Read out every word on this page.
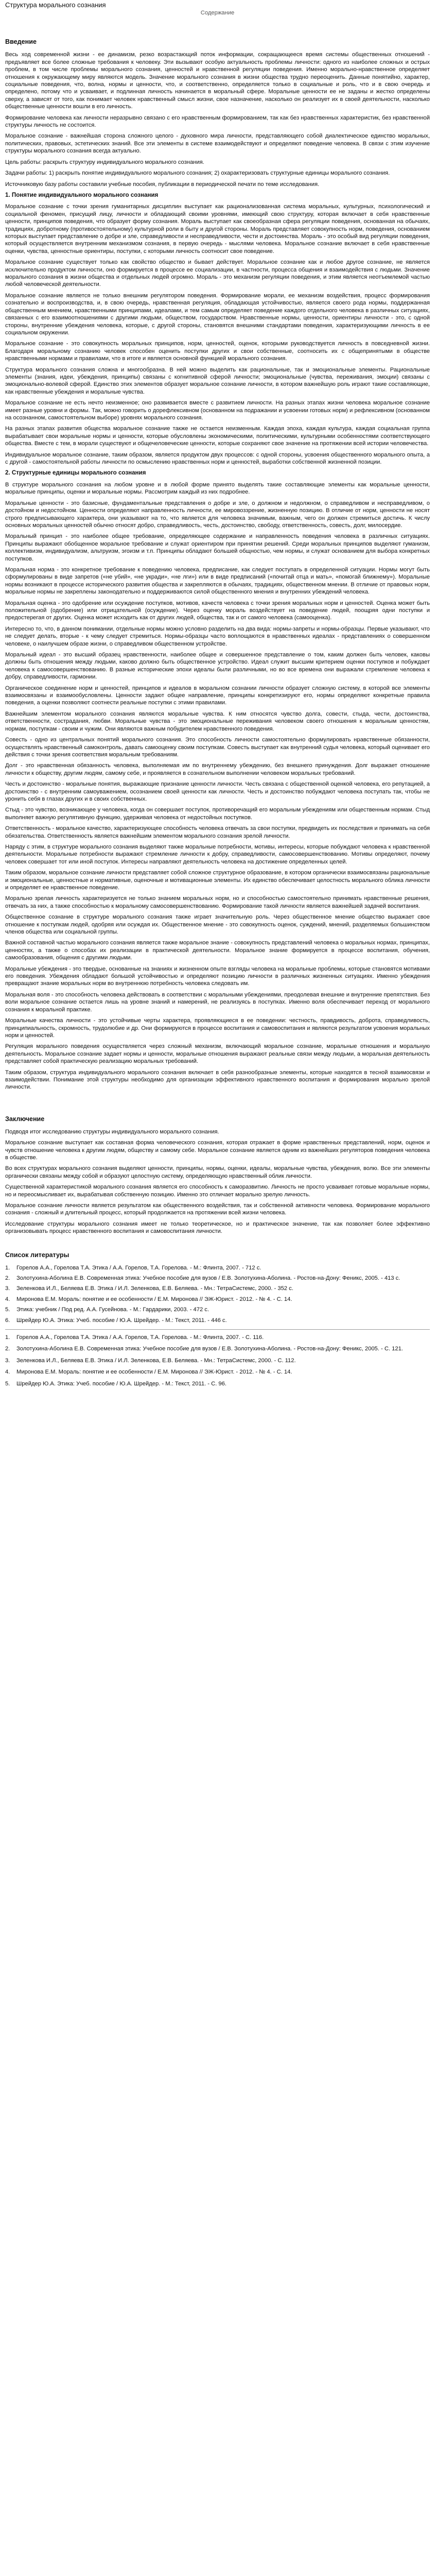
Структура морального сознания
Содержание
Введение

Весь ход современной жизни - ее динамизм, резко возрастающий поток информации, сокращающееся время системы общественных отношений - предъявляет все более сложные требования к человеку. Эти вызывают особую актуальность проблемы личности: одного из наиболее сложных и острых проблем, в том числе проблемы морального сознания, ценностей и нравственной регуляции поведения. Именно морально-нравственное определяет отношения к окружающему миру являются модель. Значение морального сознания в жизни общества трудно переоценить. Данные понятийно, характер, социальные поведения, что, волна, нормы и ценности, что, и соответственно, определяется только в социальные и роль, что и в свою очередь и определено, потому что и усваивает, и подлинная личность начинается в моральный сфере. Моральные ценности ее не заданы и жестко определены сверху, а зависят от того, как понимает человек нравственный смысл жизни, свое назначение, насколько он реализует их в своей деятельности, насколько общественные ценности вошли в его личность.

Формирование человека как личности неразрывно связано с его нравственным формированием, так как без нравственных характеристик, без нравственной структуры личность не состоится.

Моральное сознание - важнейшая сторона сложного целого - духовного мира личности, представляющего собой диалектическое единство моральных, политических, правовых, эстетических знаний. Все эти элементы в системе взаимодействуют и определяют поведение человека. В связи с этим изучение структуры морального сознания всегда актуально.

Цель работы: раскрыть структуру индивидуального морального сознания.

Задачи работы: 1) раскрыть понятие индивидуального морального сознания; 2) охарактеризовать структурные единицы морального сознания.

Источниковую базу работы составили учебные пособия, публикации в периодической печати по теме исследования.

1. Понятие индивидуального морального сознания

Моральное сознание с точки зрения гуманитарных дисциплин выступает как рационализованная система моральных, культурных, психологический и социальной феномен, присущий лицу, личности и обладающий своими уровнями, имеющий свою структуру, которая включает в себя нравственные ценности, принципов поведения, что образует форму сознания. Мораль выступает как своеобразная сфера регуляции поведения, основанная на обычаях, традициях, добротному (противостоятельному) культурной роли в быту и другой стороны. Мораль представляет совокупность норм, поведения, основанием которых выступает представление о добре и зле, справедливости и несправедливости, чести и достоинства. Мораль - это особый вид регуляции поведения, который осуществляется внутренним механизмом сознания, в первую очередь - мыслями человека. Моральное сознание включает в себя нравственные оценки, чувства, ценностные ориентиры, поступки, с которыми личность соотносит свое поведение.

Моральное сознание существует только как свойство общество и бывает действует. Моральное сознание как и любое другое сознание, не является исключительно продуктом личности, оно формируется в процессе ее социализации, в частности, процесса общения и взаимодействия с людьми. Значение морального сознания в жизни общества и отдельных людей огромно. Мораль - это механизм регуляции поведения, и этим является неотъемлемой частью любой человеческой деятельности.

Моральное сознание является не только внешним регулятором поведения. Формирование морали, ее механизм воздействия, процесс формирования сознательно и воспроизводства, и, в свою очередь, нравственная регуляция, обладающая устойчивостью, является своего рода нормы, поддержанная общественным мнением, нравственными принципами, идеалами, и тем самым определяет поведение каждого отдельного человека в различных ситуациях, связанных с его взаимоотношениями с другими людьми, обществом, государством. Нравственные нормы, ценности, ориентиры личности - это, с одной стороны, внутренние убеждения человека, которые, с другой стороны, становятся внешними стандартами поведения, характеризующими личность в ее социальном окружении.

Моральное сознание - это совокупность моральных принципов, норм, ценностей, оценок, которыми руководствуется личность в повседневной жизни. Благодаря моральному сознанию человек способен оценить поступки других и свои собственные, соотносить их с общепринятыми в обществе нравственными нормами и правилами, что в итоге и является основной функцией морального сознания.

Структура морального сознания сложна и многообразна. В ней можно выделить как рациональные, так и эмоциональные элементы. Рациональные элементы (знания, идеи, убеждения, принципы) связаны с когнитивной сферой личности; эмоциональные (чувства, переживания, эмоции) связаны с эмоционально-волевой сферой. Единство этих элементов образует моральное сознание личности, в котором важнейшую роль играют такие составляющие, как нравственные убеждения и моральные чувства.

Моральное сознание не есть нечто неизменное; оно развивается вместе с развитием личности. На разных этапах жизни человека моральное сознание имеет разные уровни и формы. Так, можно говорить о дорефлексивном (основанном на подражании и усвоении готовых норм) и рефлексивном (основанном на осознанном, самостоятельном выборе) уровнях морального сознания.

На разных этапах развития общества моральное сознание также не остается неизменным. Каждая эпоха, каждая культура, каждая социальная группа вырабатывает свои моральные нормы и ценности, которые обусловлены экономическими, политическими, культурными особенностями соответствующего общества. Вместе с тем, в морали существуют и общечеловеческие ценности, которые сохраняют свое значение на протяжении всей истории человечества.

Индивидуальное моральное сознание, таким образом, является продуктом двух процессов: с одной стороны, усвоения общественного морального опыта, а с другой - самостоятельной работы личности по осмыслению нравственных норм и ценностей, выработки собственной жизненной позиции.

2. Структурные единицы морального сознания

В структуре морального сознания на любом уровне и в любой форме принято выделять такие составляющие элементы как моральные ценности, моральные принципы, оценки и моральные нормы. Рассмотрим каждый из них подробнее.

Моральные ценности - это базисные, фундаментальные представления о добре и зле, о должном и недолжном, о справедливом и несправедливом, о достойном и недостойном. Ценности определяют направленность личности, ее мировоззрение, жизненную позицию. В отличие от норм, ценности не носят строго предписывающего характера, они указывают на то, что является для человека значимым, важным, чего он должен стремиться достичь. К числу основных моральных ценностей обычно относят добро, справедливость, честь, достоинство, свободу, ответственность, совесть, долг, милосердие.

Моральный принцип - это наиболее общее требование, определяющее содержание и направленность поведения человека в различных ситуациях. Принципы выражают обобщенное моральное требование и служат ориентиром при принятии решений. Среди моральных принципов выделяют гуманизм, коллективизм, индивидуализм, альтруизм, эгоизм и т.п. Принципы обладают большей общностью, чем нормы, и служат основанием для выбора конкретных поступков.

Моральная норма - это конкретное требование к поведению человека, предписание, как следует поступать в определенной ситуации. Нормы могут быть сформулированы в виде запретов («не убий», «не укради», «не лги») или в виде предписаний («почитай отца и мать», «помогай ближнему»). Моральные нормы возникают в процессе исторического развития общества и закрепляются в обычаях, традициях, общественном мнении. В отличие от правовых норм, моральные нормы не закреплены законодательно и поддерживаются силой общественного мнения и внутренних убеждений человека.

Моральная оценка - это одобрение или осуждение поступков, мотивов, качеств человека с точки зрения моральных норм и ценностей. Оценка может быть положительной (одобрение) или отрицательной (осуждение). Через оценку мораль воздействует на поведение людей, поощряя одни поступки и предостерегая от других. Оценка может исходить как от других людей, общества, так и от самого человека (самооценка).

Интересно то, что, в данном понимании, отдельные нормы можно условно разделить на два вида: нормы-запреты и нормы-образцы. Первые указывают, что не следует делать, вторые - к чему следует стремиться. Нормы-образцы часто воплощаются в нравственных идеалах - представлениях о совершенном человеке, о наилучшем образе жизни, о справедливом общественном устройстве.

Моральный идеал - это высший образец нравственности, наиболее общее и совершенное представление о том, каким должен быть человек, каковы должны быть отношения между людьми, каково должно быть общественное устройство. Идеал служит высшим критерием оценки поступков и побуждает человека к самосовершенствованию. В разные исторические эпохи идеалы были различными, но во все времена они выражали стремление человека к добру, справедливости, гармонии.

Органическое соединение норм и ценностей, принципов и идеалов в моральном сознании личности образует сложную систему, в которой все элементы взаимосвязаны и взаимообусловлены. Ценности задают общее направление, принципы конкретизируют его, нормы определяют конкретные правила поведения, а оценки позволяют соотнести реальные поступки с этими правилами.

Важнейшим элементом морального сознания являются моральные чувства. К ним относятся чувство долга, совести, стыда, чести, достоинства, ответственности, сострадания, любви. Моральные чувства - это эмоциональные переживания человеком своего отношения к моральным ценностям, нормам, поступкам - своим и чужим. Они являются важным побудителем нравственного поведения.

Совесть - одно из центральных понятий морального сознания. Это способность личности самостоятельно формулировать нравственные обязанности, осуществлять нравственный самоконтроль, давать самооценку своим поступкам. Совесть выступает как внутренний судья человека, который оценивает его действия с точки зрения соответствия моральным требованиям.

Долг - это нравственная обязанность человека, выполняемая им по внутреннему убеждению, без внешнего принуждения. Долг выражает отношение личности к обществу, другим людям, самому себе, и проявляется в сознательном выполнении человеком моральных требований.

Честь и достоинство - моральные понятия, выражающие признание ценности личности. Честь связана с общественной оценкой человека, его репутацией, а достоинство - с внутренним самоуважением, осознанием своей ценности как личности. Честь и достоинство побуждают человека поступать так, чтобы не уронить себя в глазах других и в своих собственных.

Стыд - это чувство, возникающее у человека, когда он совершает поступок, противоречащий его моральным убеждениям или общественным нормам. Стыд выполняет важную регулятивную функцию, удерживая человека от недостойных поступков.

Ответственность - моральное качество, характеризующее способность человека отвечать за свои поступки, предвидеть их последствия и принимать на себя обязательства. Ответственность является важнейшим элементом морального сознания зрелой личности.

Наряду с этим, в структуре морального сознания выделяют также моральные потребности, мотивы, интересы, которые побуждают человека к нравственной деятельности. Моральные потребности выражают стремление личности к добру, справедливости, самосовершенствованию. Мотивы определяют, почему человек совершает тот или иной поступок. Интересы направляют деятельность человека на достижение определенных целей.

Таким образом, моральное сознание личности представляет собой сложное структурное образование, в котором органически взаимосвязаны рациональные и эмоциональные, ценностные и нормативные, оценочные и мотивационные элементы. Их единство обеспечивает целостность морального облика личности и определяет ее нравственное поведение.

Морально зрелая личность характеризуется не только знанием моральных норм, но и способностью самостоятельно принимать нравственные решения, отвечать за них, а также способностью к моральному самосовершенствованию. Формирование такой личности является важнейшей задачей воспитания.

Общественное сознание в структуре морального сознания также играет значительную роль. Через общественное мнение общество выражает свое отношение к поступкам людей, одобряя или осуждая их. Общественное мнение - это совокупность оценок, суждений, мнений, разделяемых большинством членов общества или социальной группы.

Важной составной частью морального сознания является также моральное знание - совокупность представлений человека о моральных нормах, принципах, ценностях, а также о способах их реализации в практической деятельности. Моральное знание формируется в процессе воспитания, обучения, самообразования, общения с другими людьми.

Моральные убеждения - это твердые, основанные на знаниях и жизненном опыте взгляды человека на моральные проблемы, которые становятся мотивами его поведения. Убеждения обладают большой устойчивостью и определяют позицию личности в различных жизненных ситуациях. Именно убеждения превращают знание моральных норм во внутреннюю потребность человека следовать им.

Моральная воля - это способность человека действовать в соответствии с моральными убеждениями, преодолевая внешние и внутренние препятствия. Без воли моральное сознание остается лишь на уровне знаний и намерений, не реализуясь в поступках. Именно воля обеспечивает переход от морального сознания к моральной практике.

Моральные качества личности - это устойчивые черты характера, проявляющиеся в ее поведении: честность, правдивость, доброта, справедливость, принципиальность, скромность, трудолюбие и др. Они формируются в процессе воспитания и самовоспитания и являются результатом усвоения моральных норм и ценностей.

Регуляция морального поведения осуществляется через сложный механизм, включающий моральное сознание, моральные отношения и моральную деятельность. Моральное сознание задает нормы и ценности, моральные отношения выражают реальные связи между людьми, а моральная деятельность представляет собой практическую реализацию моральных требований.

Таким образом, структура индивидуального морального сознания включает в себя разнообразные элементы, которые находятся в тесной взаимосвязи и взаимодействии. Понимание этой структуры необходимо для организации эффективного нравственного воспитания и формирования морально зрелой личности.

Заключение

Подводя итог исследованию структуры индивидуального морального сознания.

Моральное сознание выступает как составная форма человеческого сознания, которая отражает в форме нравственных представлений, норм, оценок и чувств отношение человека к другим людям, обществу и самому себе. Моральное сознание является одним из важнейших регуляторов поведения человека в обществе.

Во всех структурах морального сознания выделяют ценности, принципы, нормы, оценки, идеалы, моральные чувства, убеждения, волю. Все эти элементы органически связаны между собой и образуют целостную систему, определяющую нравственный облик личности.

Существенной характеристикой морального сознания является его способность к саморазвитию. Личность не просто усваивает готовые моральные нормы, но и переосмысливает их, вырабатывая собственную позицию. Именно это отличает морально зрелую личность.

Моральное сознание личности является результатом как общественного воздействия, так и собственной активности человека. Формирование морального сознания - сложный и длительный процесс, который продолжается на протяжении всей жизни человека.

Исследование структуры морального сознания имеет не только теоретическое, но и практическое значение, так как позволяет более эффективно организовывать процесс нравственного воспитания и самовоспитания личности.

Список литературы
1.	Горелов А.А., Горелова Т.А. Этика / А.А. Горелов, Т.А. Горелова. - М.: Флинта, 2007. - 712 с.
2.	Золотухина-Аболина Е.В. Современная этика: Учебное пособие для вузов / Е.В. Золотухина-Аболина. - Ростов-на-Дону: Феникс, 2005. - 413 с.
3.	Зеленкова И.Л., Беляева Е.В. Этика / И.Л. Зеленкова, Е.В. Беляева. - Мн.: ТетраСистемс, 2000. - 352 с.
4.	Миронова Е.М. Мораль: понятие и ее особенности / Е.М. Миронова // ЭЖ-Юрист. - 2012. - № 4. - С. 14.
5.	Этика: учебник / Под ред. А.А. Гусейнова. - М.: Гардарики, 2003. - 472 с.
6.	Шрейдер Ю.А. Этика: Учеб. пособие / Ю.А. Шрейдер. - М.: Текст, 2011. - 446 с.
1.	Горелов А.А., Горелова Т.А. Этика / А.А. Горелов, Т.А. Горелова. - М.: Флинта, 2007. - С. 116.
2.	Золотухина-Аболина Е.В. Современная этика: Учебное пособие для вузов / Е.В. Золотухина-Аболина. - Ростов-на-Дону: Феникс, 2005. - С. 121.
3.	Зеленкова И.Л., Беляева Е.В. Этика / И.Л. Зеленкова, Е.В. Беляева. - Мн.: ТетраСистемс, 2000. - С. 112.
4.	Миронова Е.М. Мораль: понятие и ее особенности / Е.М. Миронова // ЭЖ-Юрист. - 2012. - № 4. - С. 14.
5.	Шрейдер Ю.А. Этика: Учеб. пособие / Ю.А. Шрейдер. - М.: Текст, 2011. - С. 96.
